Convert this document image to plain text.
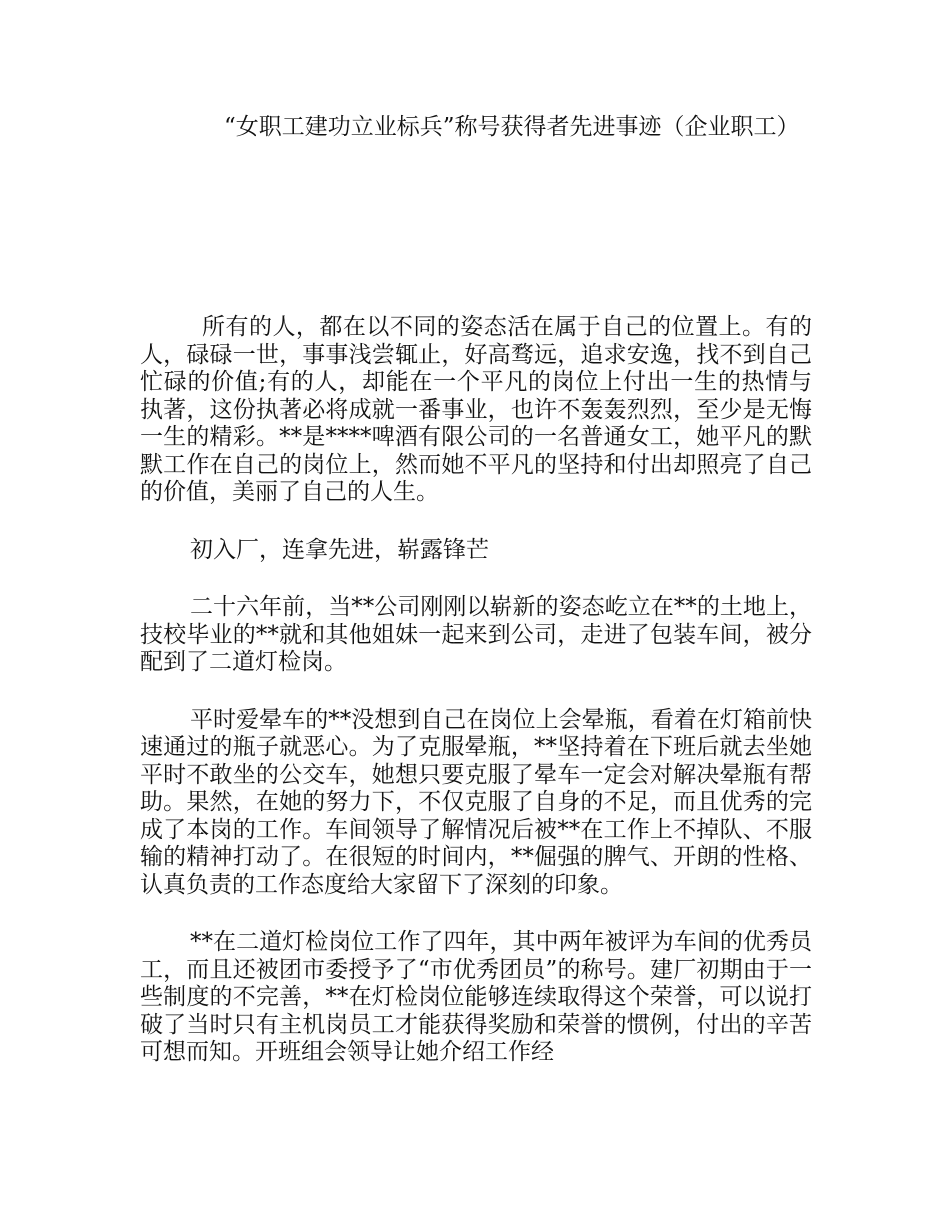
“女职工建功立业标兵”称号获得者先进事迹（企业职工）

所有的人，都在以不同的姿态活在属于自己的位置上。有的人，碌碌一世，事事浅尝辄止，好高骛远，追求安逸，找不到自己忙碌的价值;有的人，却能在一个平凡的岗位上付出一生的热情与执著，这份执著必将成就一番事业，也许不轰轰烈烈，至少是无悔一生的精彩。**是****啤酒有限公司的一名普通女工，她平凡的默默工作在自己的岗位上，然而她不平凡的坚持和付出却照亮了自己的价值，美丽了自己的人生。

初入厂，连拿先进，崭露锋芒

二十六年前，当**公司刚刚以崭新的姿态屹立在**的土地上，技校毕业的**就和其他姐妹一起来到公司，走进了包装车间，被分配到了二道灯检岗。

平时爱晕车的**没想到自己在岗位上会晕瓶，看着在灯箱前快速通过的瓶子就恶心。为了克服晕瓶，**坚持着在下班后就去坐她平时不敢坐的公交车，她想只要克服了晕车一定会对解决晕瓶有帮助。果然，在她的努力下，不仅克服了自身的不足，而且优秀的完成了本岗的工作。车间领导了解情况后被**在工作上不掉队、不服输的精神打动了。在很短的时间内，**倔强的脾气、开朗的性格、认真负责的工作态度给大家留下了深刻的印象。

**在二道灯检岗位工作了四年，其中两年被评为车间的优秀员工，而且还被团市委授予了“市优秀团员”的称号。建厂初期由于一些制度的不完善，**在灯检岗位能够连续取得这个荣誉，可以说打破了当时只有主机岗员工才能获得奖励和荣誉的惯例，付出的辛苦可想而知。开班组会领导让她介绍工作经
